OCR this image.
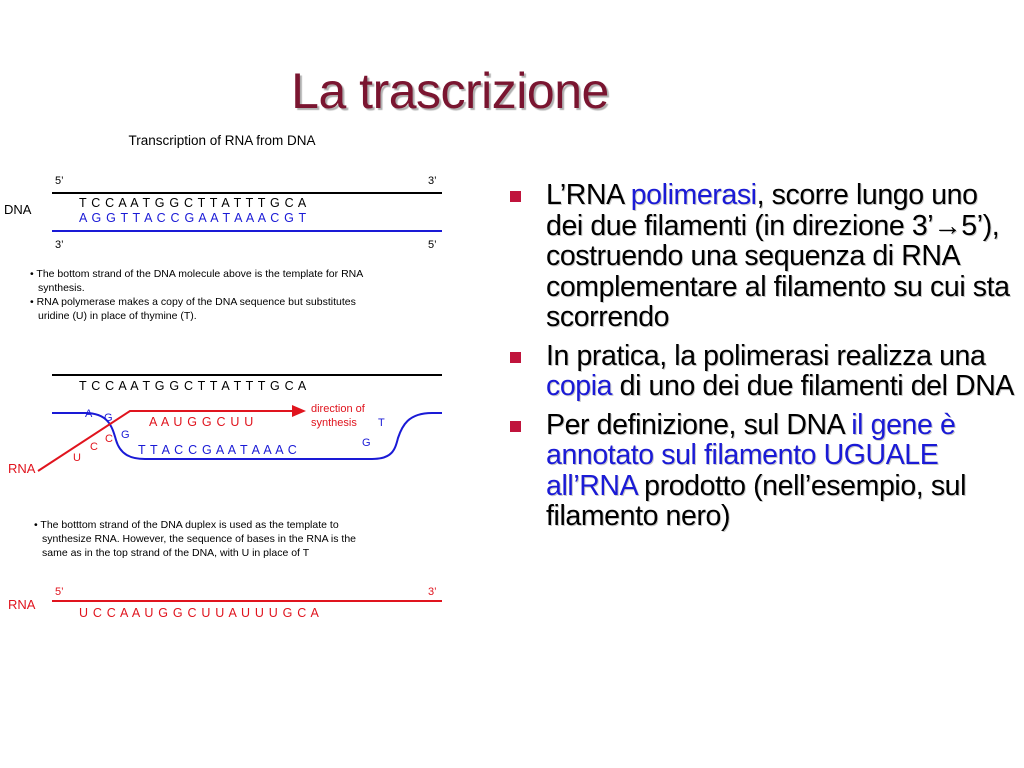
La trascrizione
Transcription of RNA from DNA
5’	3’
DNA	T C C A A T G G C T T A T T T G C A
A G G T T A C C G A A T A A A C G T
3’	5’
• The bottom strand of the DNA molecule above is the template for RNA
synthesis.
• RNA polymerase makes a copy of the DNA sequence but substitutes
uridine (U) in place of thymine (T).
T C C A A T G G C T T A T T T G C A
A A U G G C U U
T T A C C G A A T A A A C
A G
G
C
C
U
T
G
direction of
synthesis
RNA
• The botttom strand of the DNA duplex is used as the template to
synthesize RNA. However, the sequence of bases in the RNA is the
same as in the top strand of the DNA, with U in place of T
5’	3’
RNA
U C C A A U G G C U U A U U U G C A
L’RNA polimerasi, scorre lungo uno dei due filamenti (in direzione 3’→5’), costruendo una sequenza di RNA complementare al filamento su cui sta scorrendo
In pratica, la polimerasi realizza una copia di uno dei due filamenti del DNA
Per definizione, sul DNA il gene è annotato sul filamento UGUALE all’RNA prodotto (nell’esempio, sul filamento nero)
